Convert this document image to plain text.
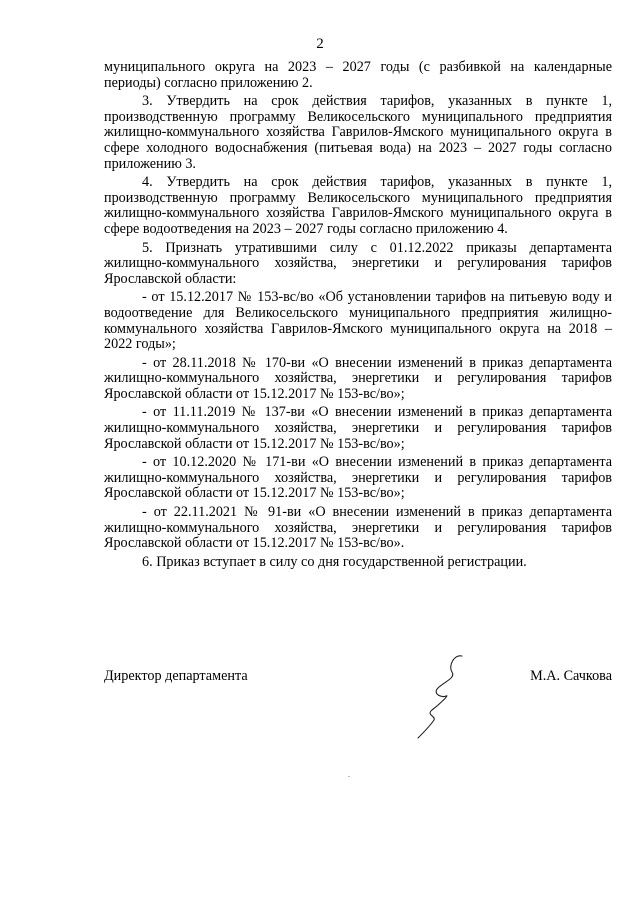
2

муниципального округа на 2023 – 2027 годы (с разбивкой на календарные периоды) согласно приложению 2.

3. Утвердить на срок действия тарифов, указанных в пункте 1, производственную программу Великосельского муниципального предприятия жилищно-коммунального хозяйства Гаврилов-Ямского муниципального округа в сфере холодного водоснабжения (питьевая вода) на 2023 – 2027 годы согласно приложению 3.

4. Утвердить на срок действия тарифов, указанных в пункте 1, производственную программу Великосельского муниципального предприятия жилищно-коммунального хозяйства Гаврилов-Ямского муниципального округа в сфере водоотведения на 2023 – 2027 годы согласно приложению 4.

5. Признать утратившими силу с 01.12.2022 приказы департамента жилищно-коммунального хозяйства, энергетики и регулирования тарифов Ярославской области:

- от 15.12.2017 № 153-вс/во «Об установлении тарифов на питьевую воду и водоотведение для Великосельского муниципального предприятия жилищно-коммунального хозяйства Гаврилов-Ямского муниципального округа на 2018 – 2022 годы»;

- от 28.11.2018 № 170-ви «О внесении изменений в приказ департамента жилищно-коммунального хозяйства, энергетики и регулирования тарифов Ярославской области от 15.12.2017 № 153-вс/во»;

- от 11.11.2019 № 137-ви «О внесении изменений в приказ департамента жилищно-коммунального хозяйства, энергетики и регулирования тарифов Ярославской области от 15.12.2017 № 153-вс/во»;

- от 10.12.2020 № 171-ви «О внесении изменений в приказ департамента жилищно-коммунального хозяйства, энергетики и регулирования тарифов Ярославской области от 15.12.2017 № 153-вс/во»;

- от 22.11.2021 № 91-ви «О внесении изменений в приказ департамента жилищно-коммунального хозяйства, энергетики и регулирования тарифов Ярославской области от 15.12.2017 № 153-вс/во».

6. Приказ вступает в силу со дня государственной регистрации.

Директор департамента	М.А. Сачкова
